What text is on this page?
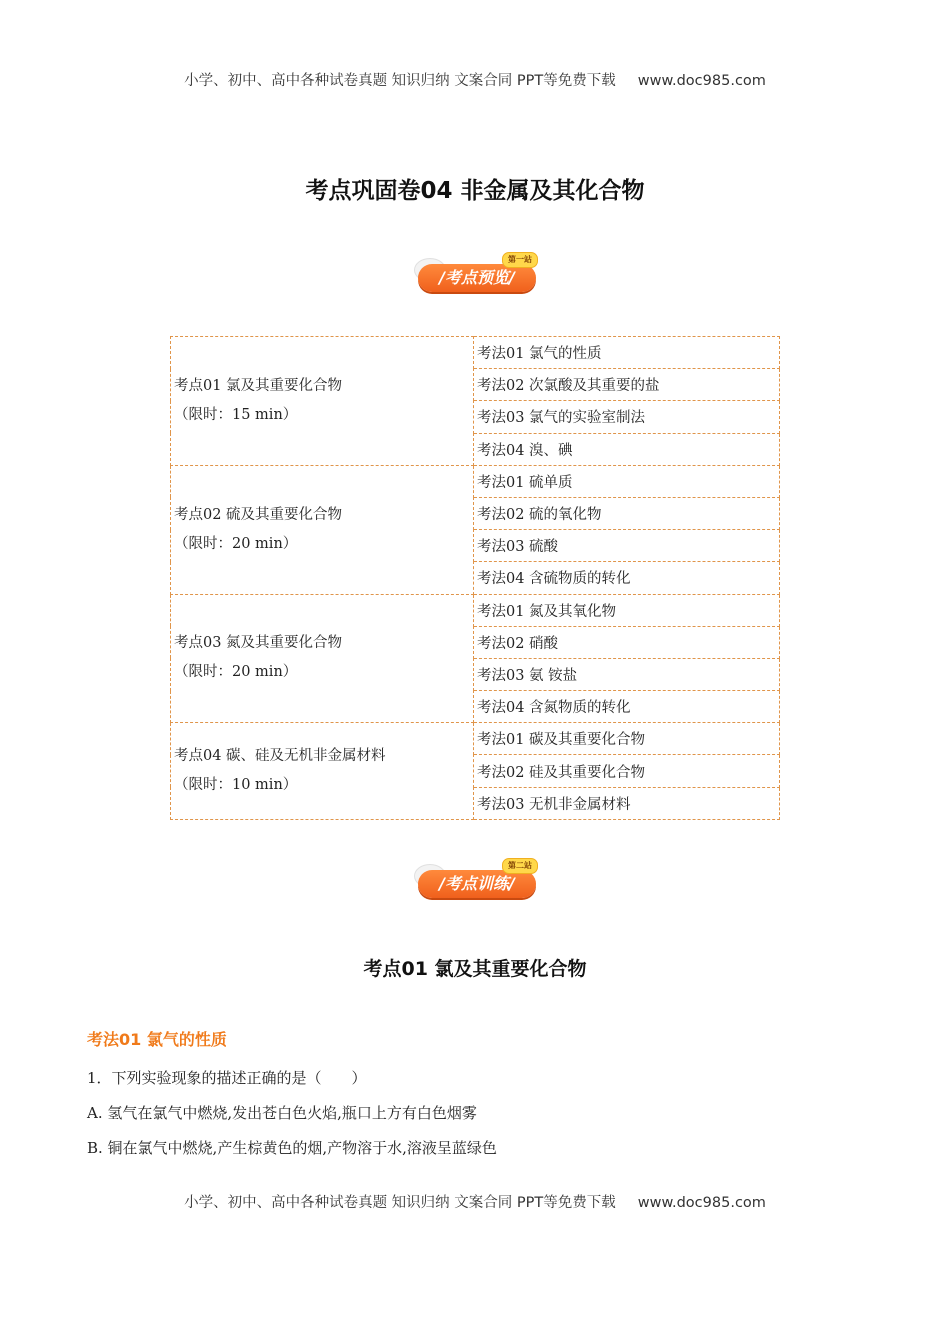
小学、初中、高中各种试卷真题 知识归纳 文案合同 PPT等免费下载 www.doc985.com
考点巩固卷04 非金属及其化合物
/考点预览/
第一站
考点01 氯及其重要化合物
（限时：15 min）	考法01 氯气的性质
	考法02 次氯酸及其重要的盐
	考法03 氯气的实验室制法
	考法04 溴、碘

考点02 硫及其重要化合物
（限时：20 min）	考法01 硫单质
	考法02 硫的氧化物
	考法03 硫酸
	考法04 含硫物质的转化

考点03 氮及其重要化合物
（限时：20 min）	考法01 氮及其氧化物
	考法02 硝酸
	考法03 氨 铵盐
	考法04 含氮物质的转化

考点04 碳、硅及无机非金属材料
（限时：10 min）	考法01 碳及其重要化合物
	考法02 硅及其重要化合物
	考法03 无机非金属材料
/考点训练/
第二站
考点01 氯及其重要化合物
考法01 氯气的性质
1．下列实验现象的描述正确的是（　　）
A. 氢气在氯气中燃烧,发出苍白色火焰,瓶口上方有白色烟雾
B. 铜在氯气中燃烧,产生棕黄色的烟,产物溶于水,溶液呈蓝绿色
小学、初中、高中各种试卷真题 知识归纳 文案合同 PPT等免费下载 www.doc985.com
